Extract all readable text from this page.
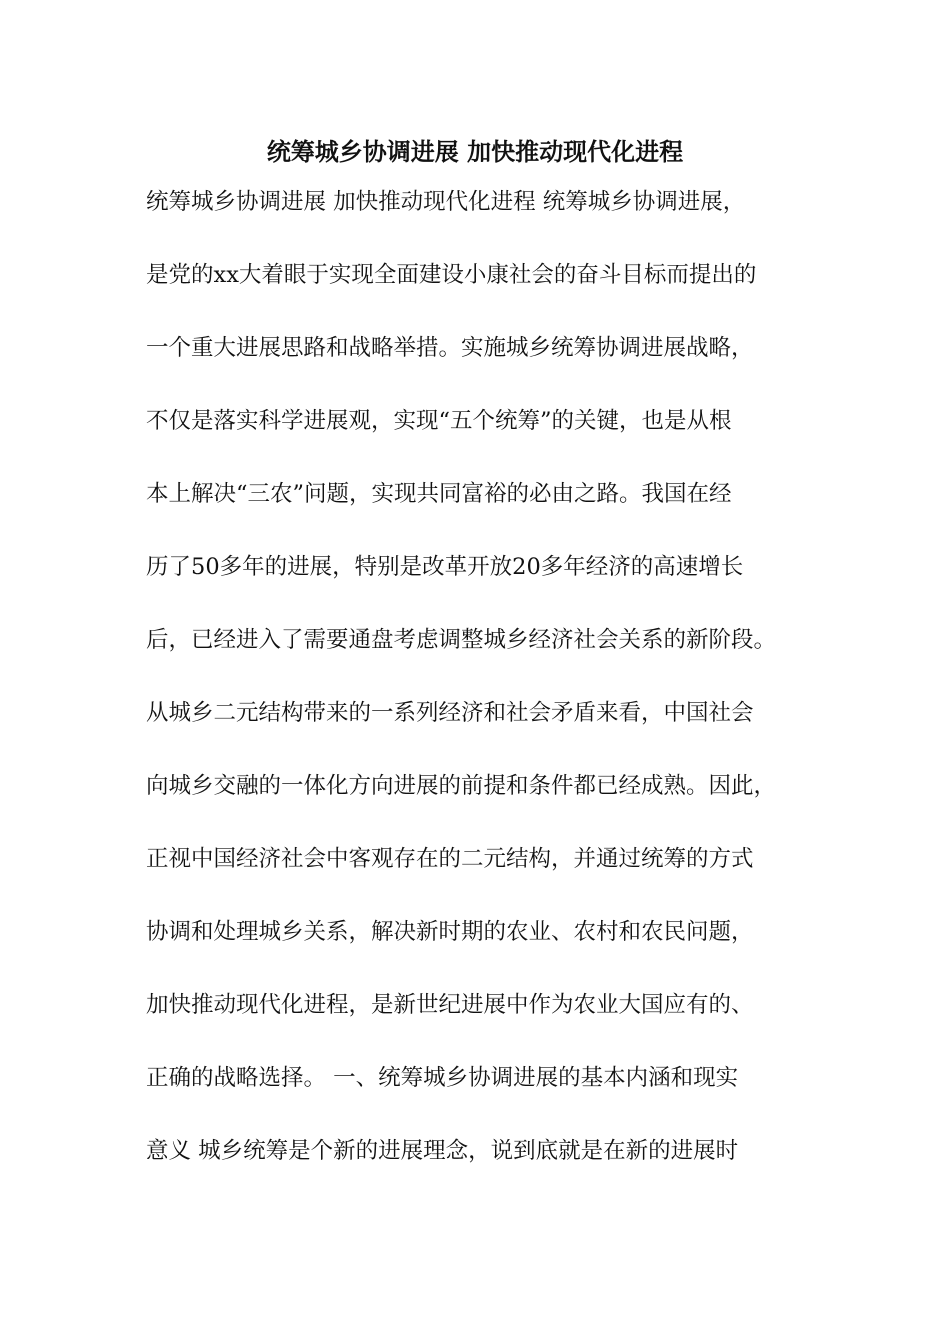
统筹城乡协调进展 加快推动现代化进程
统筹城乡协调进展 加快推动现代化进程 统筹城乡协调进展，
是党的xx大着眼于实现全面建设小康社会的奋斗目标而提出的
一个重大进展思路和战略举措。实施城乡统筹协调进展战略，
不仅是落实科学进展观，实现“五个统筹”的关键，也是从根
本上解决“三农”问题，实现共同富裕的必由之路。我国在经
历了50多年的进展，特别是改革开放20多年经济的高速增长
后，已经进入了需要通盘考虑调整城乡经济社会关系的新阶段。
从城乡二元结构带来的一系列经济和社会矛盾来看，中国社会
向城乡交融的一体化方向进展的前提和条件都已经成熟。因此，
正视中国经济社会中客观存在的二元结构，并通过统筹的方式
协调和处理城乡关系，解决新时期的农业、农村和农民问题，
加快推动现代化进程，是新世纪进展中作为农业大国应有的、
正确的战略选择。 一、统筹城乡协调进展的基本内涵和现实
意义 城乡统筹是个新的进展理念，说到底就是在新的进展时
